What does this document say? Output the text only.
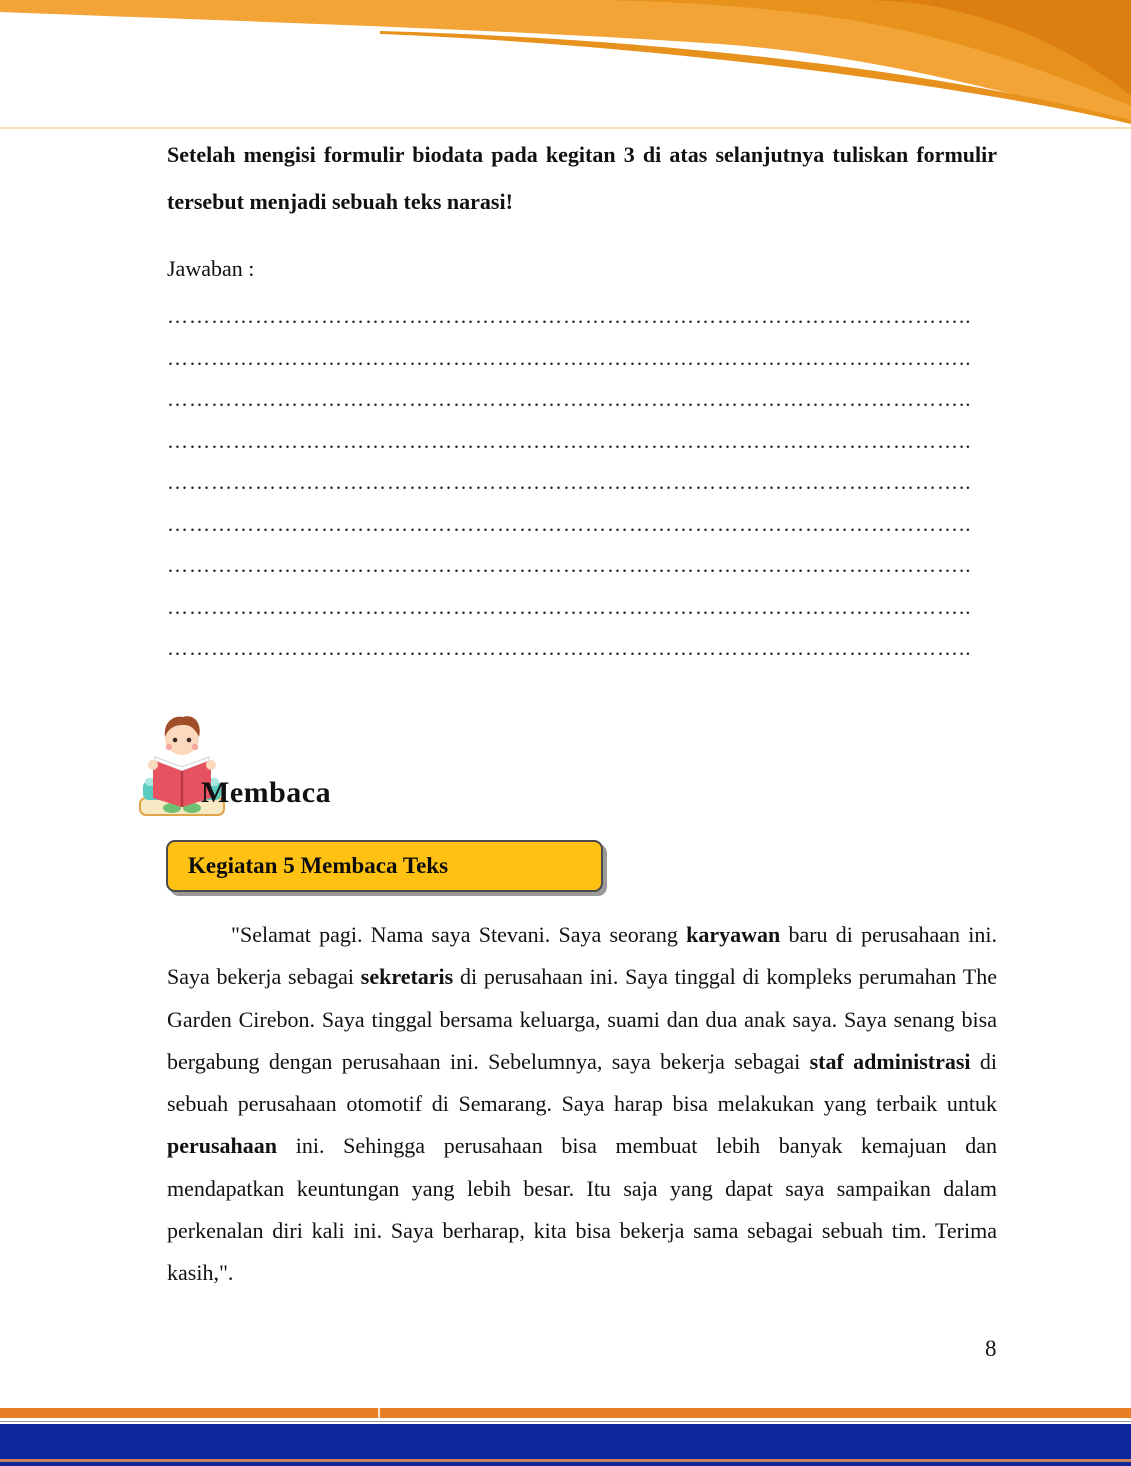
Setelah mengisi formulir biodata pada kegitan 3 di atas selanjutnya tuliskan formulir tersebut menjadi sebuah teks narasi!

Jawaban :
………………………………………………………………………………………………..
………………………………………………………………………………………………..
………………………………………………………………………………………………..
………………………………………………………………………………………………..
………………………………………………………………………………………………..
………………………………………………………………………………………………..
………………………………………………………………………………………………..
………………………………………………………………………………………………..
………………………………………………………………………………………………..
Membaca
Kegiatan 5 Membaca Teks

"Selamat pagi. Nama saya Stevani. Saya seorang karyawan baru di perusahaan ini. Saya bekerja sebagai sekretaris di perusahaan ini. Saya tinggal di kompleks perumahan The Garden Cirebon. Saya tinggal bersama keluarga, suami dan dua anak saya. Saya senang bisa bergabung dengan perusahaan ini. Sebelumnya, saya bekerja sebagai staf administrasi di sebuah perusahaan otomotif di Semarang. Saya harap bisa melakukan yang terbaik untuk perusahaan ini. Sehingga perusahaan bisa membuat lebih banyak kemajuan dan mendapatkan keuntungan yang lebih besar. Itu saja yang dapat saya sampaikan dalam perkenalan diri kali ini. Saya berharap, kita bisa bekerja sama sebagai sebuah tim. Terima kasih,".

8
